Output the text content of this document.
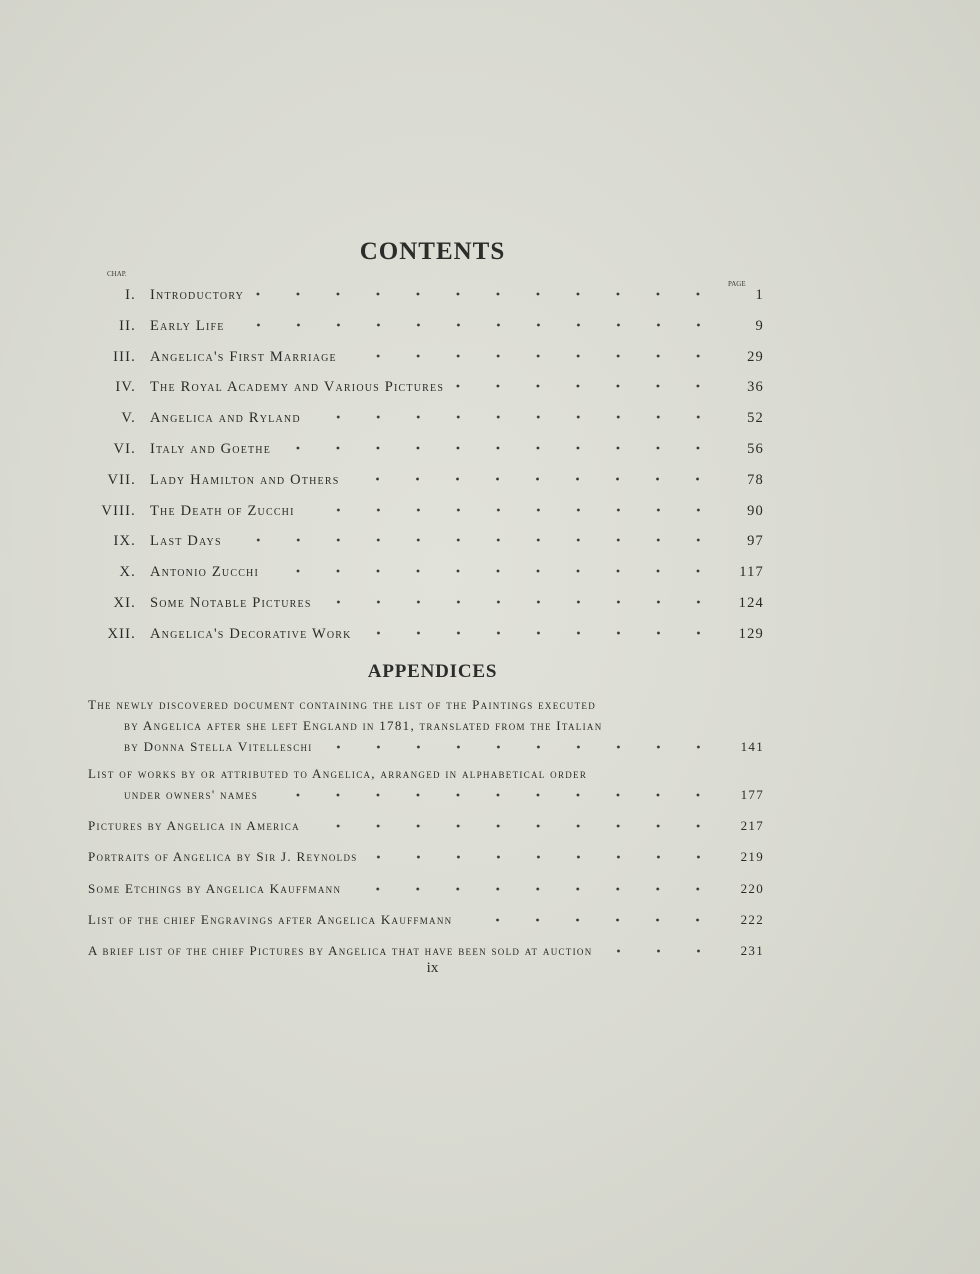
CONTENTS
CHAP.
PAGE
I. Introductory	1
II. Early Life	9
III. Angelica's First Marriage	29
IV. The Royal Academy and Various Pictures	36
V. Angelica and Ryland	52
VI. Italy and Goethe	56
VII. Lady Hamilton and Others	78
VIII. The Death of Zucchi	90
IX. Last Days	97
X. Antonio Zucchi	117
XI. Some Notable Pictures	124
XII. Angelica's Decorative Work	129
APPENDICES
The newly discovered document containing the list of the Paintings executed
by Angelica after she left England in 1781, translated from the Italian
by Donna Stella Vitelleschi	141
List of works by or attributed to Angelica, arranged in alphabetical order
under owners' names	177
Pictures by Angelica in America	217
Portraits of Angelica by Sir J. Reynolds	219
Some Etchings by Angelica Kauffmann	220
List of the chief Engravings after Angelica Kauffmann	222
A brief list of the chief Pictures by Angelica that have been sold at auction	231
ix
